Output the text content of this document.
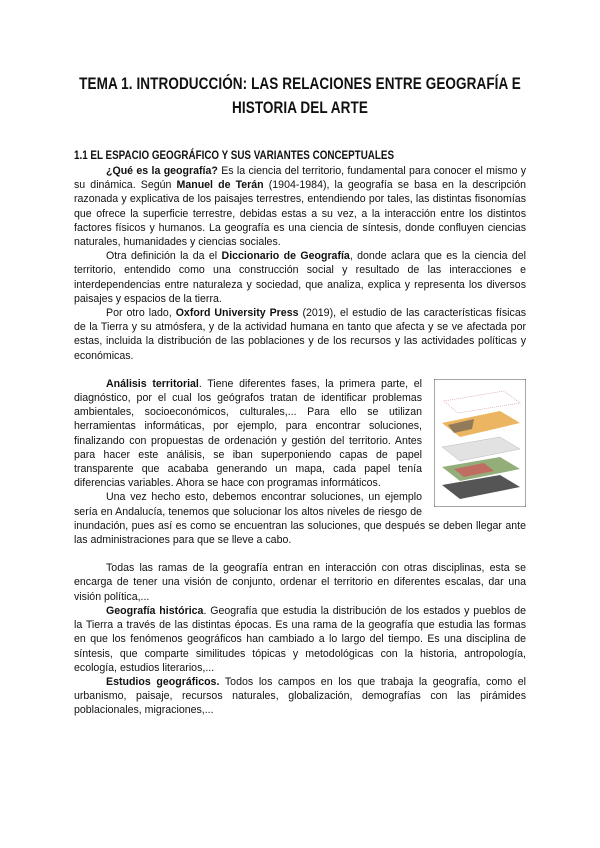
TEMA 1. INTRODUCCIÓN: LAS RELACIONES ENTRE GEOGRAFÍA E HISTORIA DEL ARTE
1.1 EL ESPACIO GEOGRÁFICO Y SUS VARIANTES CONCEPTUALES

¿Qué es la geografía? Es la ciencia del territorio, fundamental para conocer el mismo y su dinámica. Según Manuel de Terán (1904-1984), la geografía se basa en la descripción razonada y explicativa de los paisajes terrestres, entendiendo por tales, las distintas fisonomías que ofrece la superficie terrestre, debidas estas a su vez, a la interacción entre los distintos factores físicos y humanos. La geografía es una ciencia de síntesis, donde confluyen ciencias naturales, humanidades y ciencias sociales.

Otra definición la da el Diccionario de Geografía, donde aclara que es la ciencia del territorio, entendido como una construcción social y resultado de las interacciones e interdependencias entre naturaleza y sociedad, que analiza, explica y representa los diversos paisajes y espacios de la tierra.

Por otro lado, Oxford University Press (2019), el estudio de las características físicas de la Tierra y su atmósfera, y de la actividad humana en tanto que afecta y se ve afectada por estas, incluida la distribución de las poblaciones y de los recursos y las actividades políticas y económicas.

Análisis territorial. Tiene diferentes fases, la primera parte, el diagnóstico, por el cual los geógrafos tratan de identificar problemas ambientales, socioeconómicos, culturales,... Para ello se utilizan herramientas informáticas, por ejemplo, para encontrar soluciones, finalizando con propuestas de ordenación y gestión del territorio. Antes para hacer este análisis, se iban superponiendo capas de papel transparente que acababa generando un mapa, cada papel tenía diferencias variables. Ahora se hace con programas informáticos.

Una vez hecho esto, debemos encontrar soluciones, un ejemplo sería en Andalucía, tenemos que solucionar los altos niveles de riesgo de inundación, pues así es como se encuentran las soluciones, que después se deben llegar ante las administraciones para que se lleve a cabo.

Todas las ramas de la geografía entran en interacción con otras disciplinas, esta se encarga de tener una visión de conjunto, ordenar el territorio en diferentes escalas, dar una visión política,...

Geografía histórica. Geografía que estudia la distribución de los estados y pueblos de la Tierra a través de las distintas épocas. Es una rama de la geografía que estudia las formas en que los fenómenos geográficos han cambiado a lo largo del tiempo. Es una disciplina de síntesis, que comparte similitudes tópicas y metodológicas con la historia, antropología, ecología, estudios literarios,...

Estudios geográficos. Todos los campos en los que trabaja la geografía, como el urbanismo, paisaje, recursos naturales, globalización, demografías con las pirámides poblacionales, migraciones,...
